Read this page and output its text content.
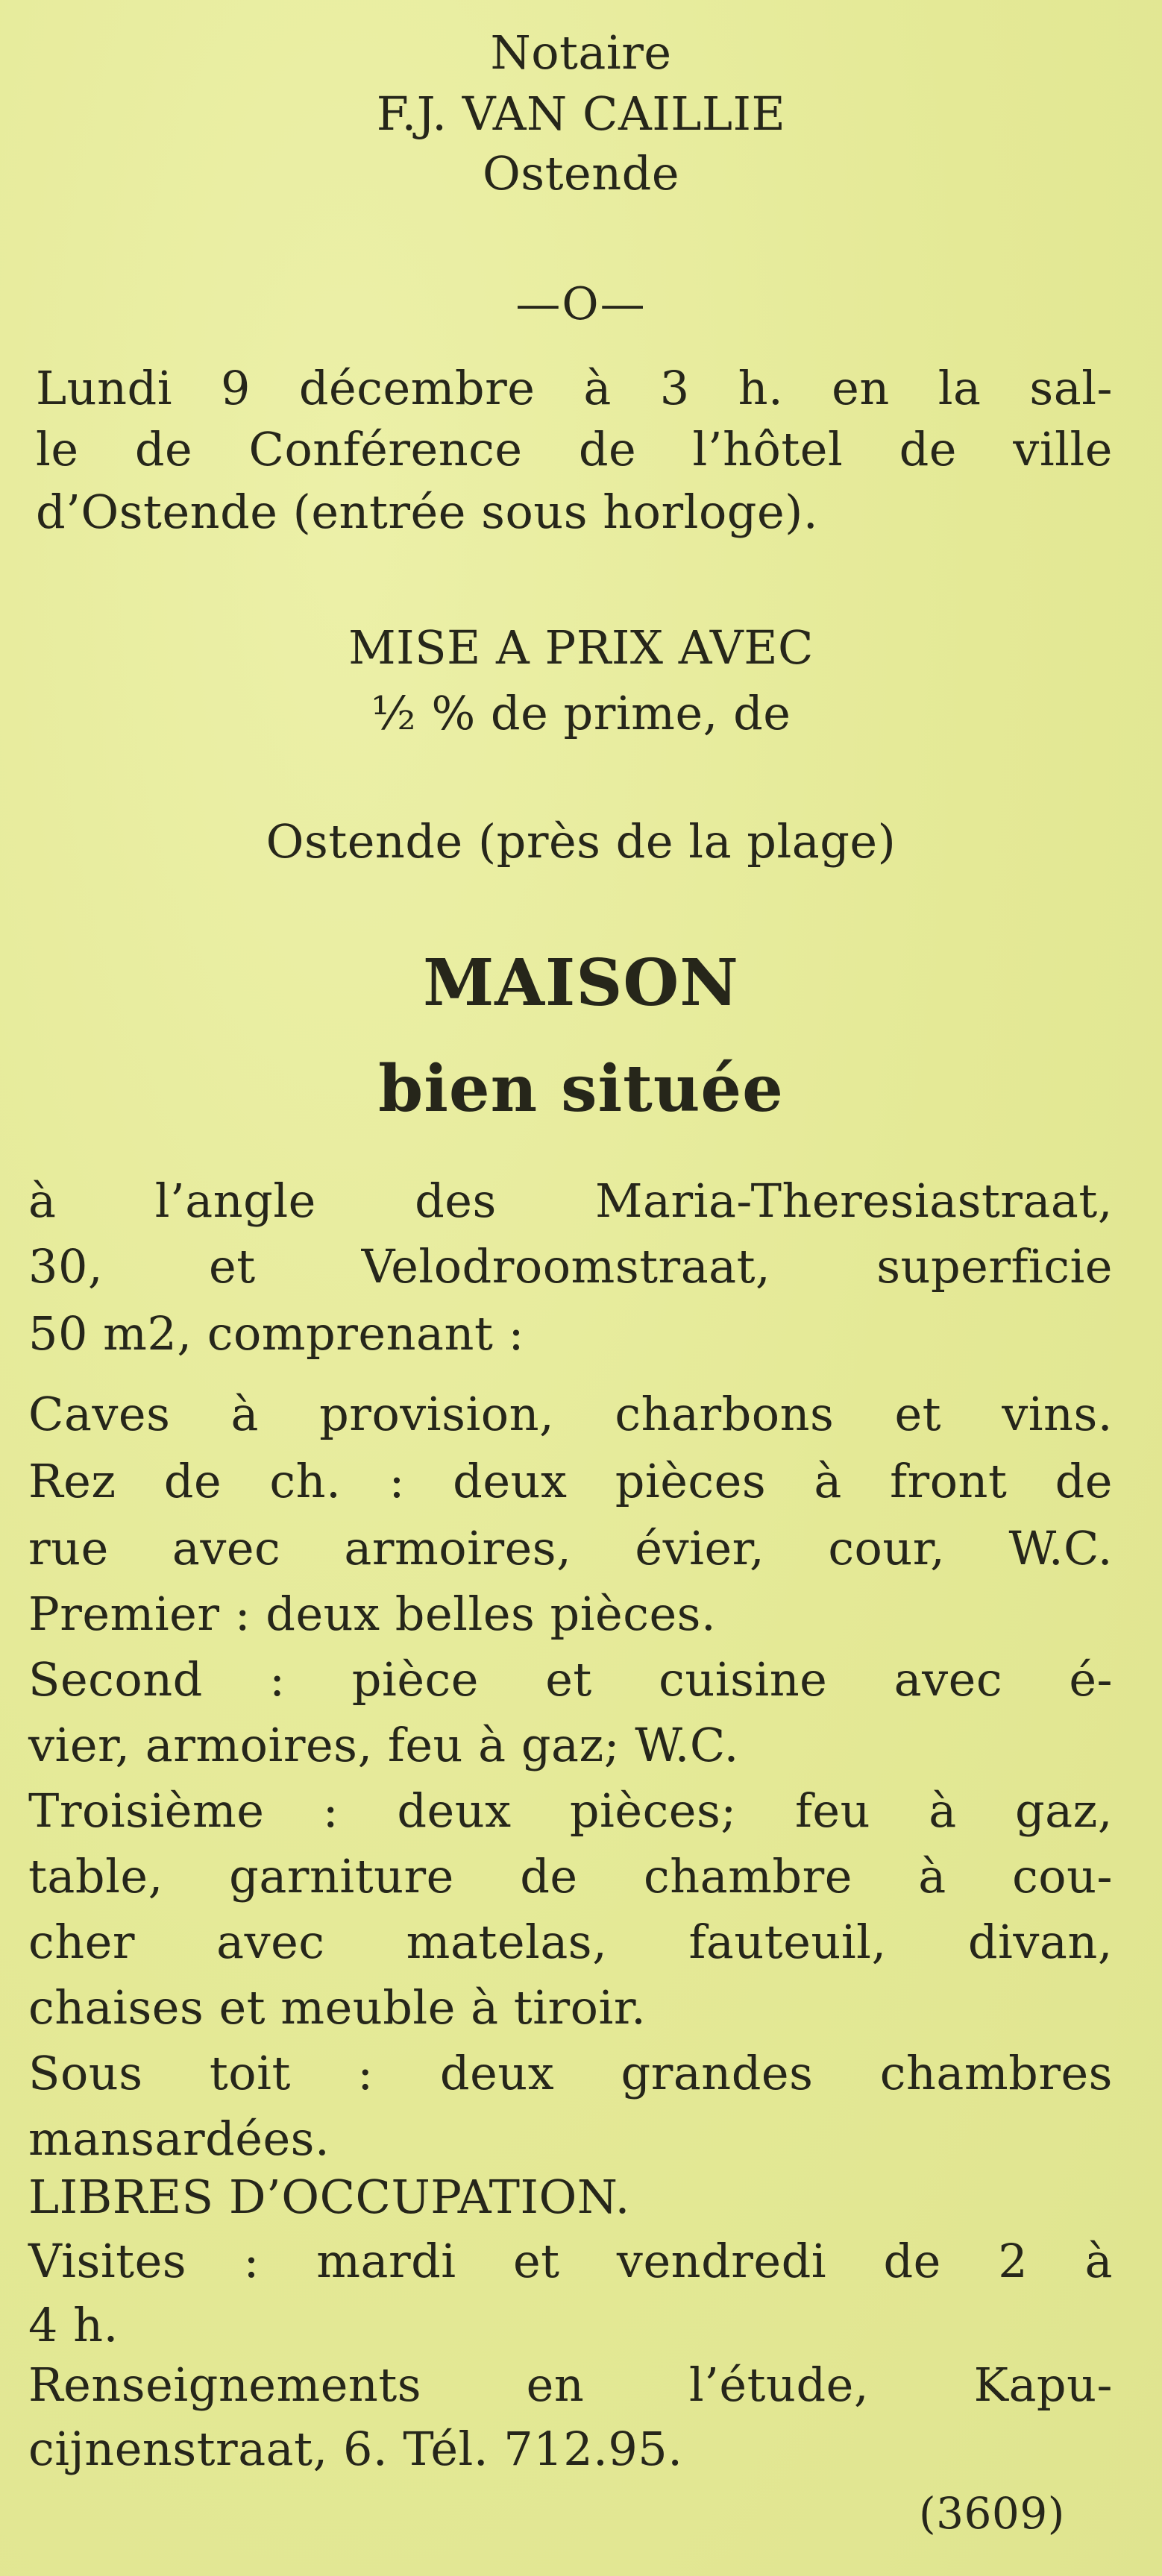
Notaire

F.J. VAN CAILLIE

Ostende

—O—

Lundi 9 décembre à 3 h. en la sal-

le de Conférence de l’hôtel de ville

d’Ostende (entrée sous horloge).

MISE A PRIX AVEC

½ % de prime, de

Ostende (près de la plage)

MAISON

bien située

à l’angle des Maria-Theresiastraat,

30, et Velodroomstraat, superficie

50 m2, comprenant :

Caves à provision, charbons et vins.

Rez de ch. : deux pièces à front de

rue avec armoires, évier, cour, W.C.

Premier : deux belles pièces.

Second : pièce et cuisine avec é-

vier, armoires, feu à gaz; W.C.

Troisième : deux pièces; feu à gaz,

table, garniture de chambre à cou-

cher avec matelas, fauteuil, divan,

chaises et meuble à tiroir.

Sous toit : deux grandes chambres

mansardées.

LIBRES D’OCCUPATION.

Visites : mardi et vendredi de 2 à

4 h.

Renseignements en l’étude, Kapu-

cijnenstraat, 6. Tél. 712.95.

(3609)
